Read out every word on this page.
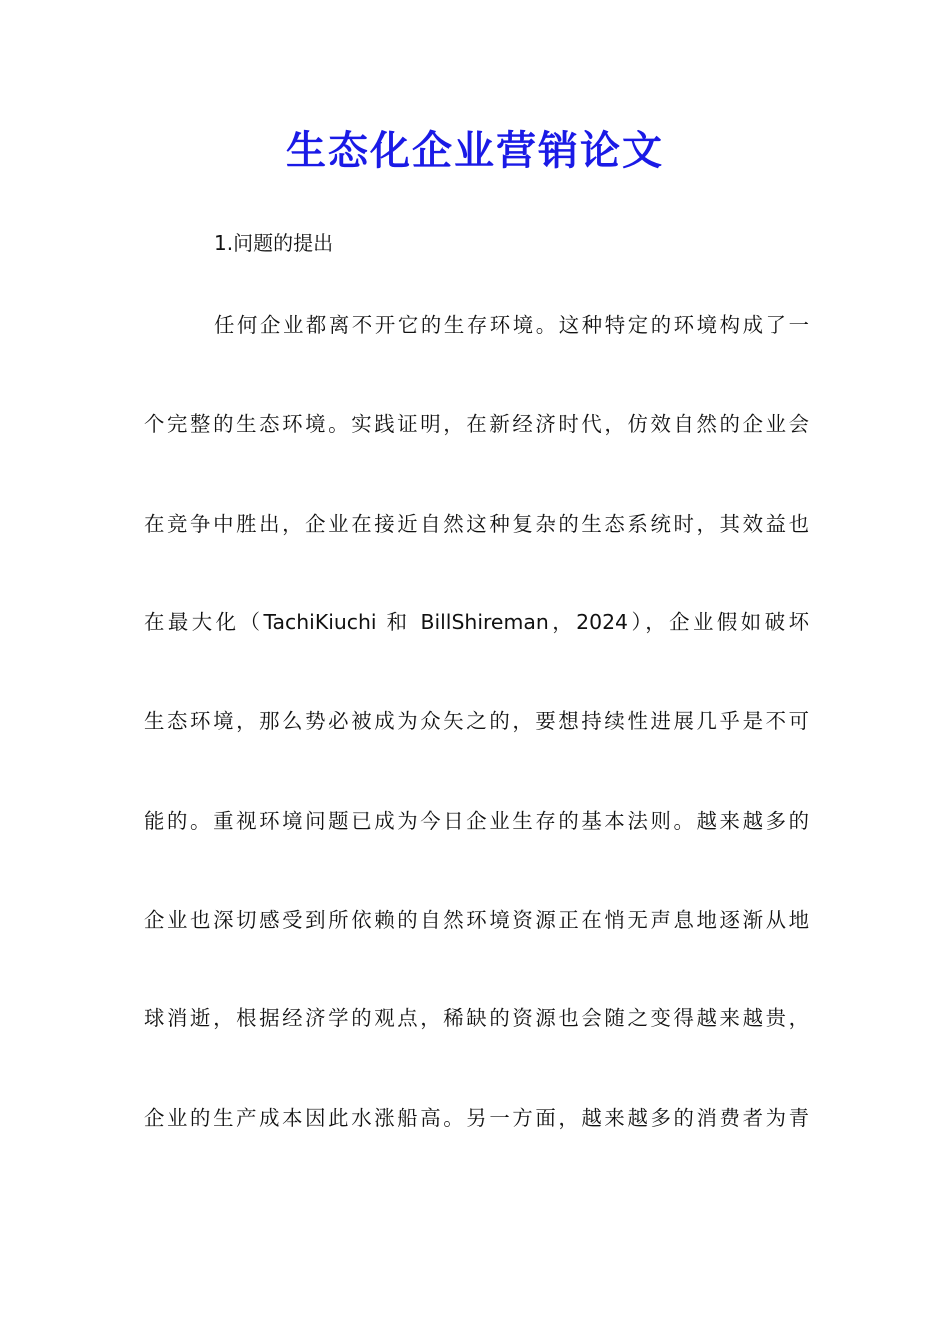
生态化企业营销论文

1.问题的提出

任何企业都离不开它的生存环境。这种特定的环境构成了一

个完整的生态环境。实践证明，在新经济时代，仿效自然的企业会

在竞争中胜出，企业在接近自然这种复杂的生态系统时，其效益也

在最大化（TachiKiuchi 和 BillShireman，2024），企业假如破坏

生态环境，那么势必被成为众矢之的，要想持续性进展几乎是不可

能的。重视环境问题已成为今日企业生存的基本法则。越来越多的

企业也深切感受到所依赖的自然环境资源正在悄无声息地逐渐从地

球消逝，根据经济学的观点，稀缺的资源也会随之变得越来越贵，

企业的生产成本因此水涨船高。另一方面，越来越多的消费者为青
